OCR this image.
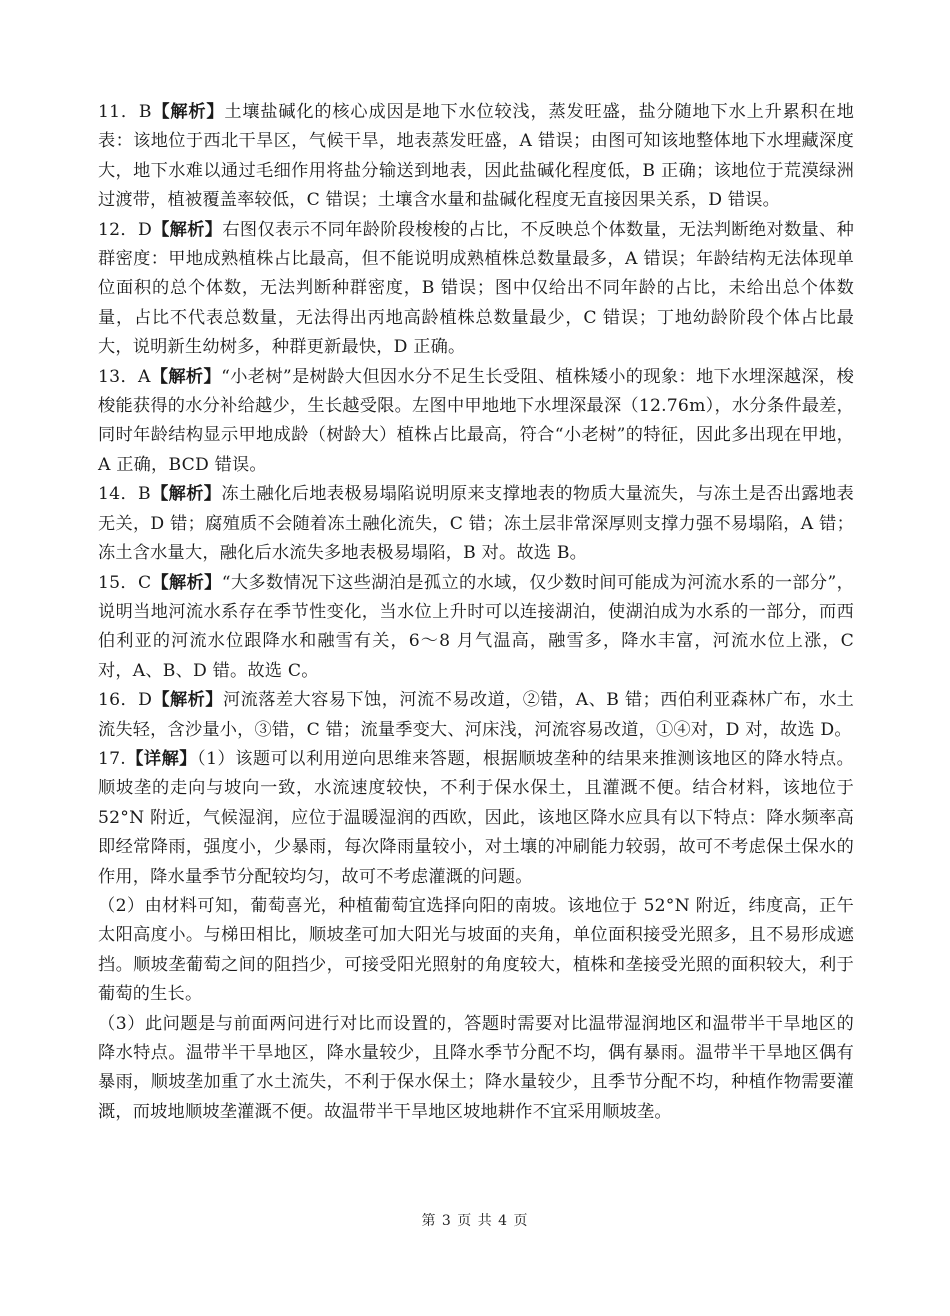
11．B【解析】土壤盐碱化的核心成因是地下水位较浅，蒸发旺盛，盐分随地下水上升累积在地表：该地位于西北干旱区，气候干旱，地表蒸发旺盛，A 错误；由图可知该地整体地下水埋藏深度大，地下水难以通过毛细作用将盐分输送到地表，因此盐碱化程度低，B 正确；该地位于荒漠绿洲过渡带，植被覆盖率较低，C 错误；土壤含水量和盐碱化程度无直接因果关系，D 错误。

12．D【解析】右图仅表示不同年龄阶段梭梭的占比，不反映总个体数量，无法判断绝对数量、种群密度：甲地成熟植株占比最高，但不能说明成熟植株总数量最多，A 错误；年龄结构无法体现单位面积的总个体数，无法判断种群密度，B 错误；图中仅给出不同年龄的占比，未给出总个体数量，占比不代表总数量，无法得出丙地高龄植株总数量最少，C 错误；丁地幼龄阶段个体占比最大，说明新生幼树多，种群更新最快，D 正确。

13．A【解析】“小老树”是树龄大但因水分不足生长受阻、植株矮小的现象：地下水埋深越深，梭梭能获得的水分补给越少，生长越受限。左图中甲地地下水埋深最深（12.76m），水分条件最差，同时年龄结构显示甲地成龄（树龄大）植株占比最高，符合“小老树”的特征，因此多出现在甲地，A 正确，BCD 错误。

14．B【解析】冻土融化后地表极易塌陷说明原来支撑地表的物质大量流失，与冻土是否出露地表无关，D 错；腐殖质不会随着冻土融化流失，C 错；冻土层非常深厚则支撑力强不易塌陷，A 错；冻土含水量大，融化后水流失多地表极易塌陷，B 对。故选 B。

15．C【解析】“大多数情况下这些湖泊是孤立的水域，仅少数时间可能成为河流水系的一部分”，说明当地河流水系存在季节性变化，当水位上升时可以连接湖泊，使湖泊成为水系的一部分，而西伯利亚的河流水位跟降水和融雪有关，6～8 月气温高，融雪多，降水丰富，河流水位上涨，C 对，A、B、D 错。故选 C。

16．D【解析】河流落差大容易下蚀，河流不易改道，②错，A、B 错；西伯利亚森林广布，水土流失轻，含沙量小，③错，C 错；流量季变大、河床浅，河流容易改道，①④对，D 对，故选 D。

17.【详解】（1）该题可以利用逆向思维来答题，根据顺坡垄种的结果来推测该地区的降水特点。顺坡垄的走向与坡向一致，水流速度较快，不利于保水保土，且灌溉不便。结合材料，该地位于 52°N 附近，气候湿润，应位于温暖湿润的西欧，因此，该地区降水应具有以下特点：降水频率高即经常降雨，强度小，少暴雨，每次降雨量较小，对土壤的冲刷能力较弱，故可不考虑保土保水的作用，降水量季节分配较均匀，故可不考虑灌溉的问题。

（2）由材料可知，葡萄喜光，种植葡萄宜选择向阳的南坡。该地位于 52°N 附近，纬度高，正午太阳高度小。与梯田相比，顺坡垄可加大阳光与坡面的夹角，单位面积接受光照多，且不易形成遮挡。顺坡垄葡萄之间的阻挡少，可接受阳光照射的角度较大，植株和垄接受光照的面积较大，利于葡萄的生长。

（3）此问题是与前面两问进行对比而设置的，答题时需要对比温带湿润地区和温带半干旱地区的降水特点。温带半干旱地区，降水量较少，且降水季节分配不均，偶有暴雨。温带半干旱地区偶有暴雨，顺坡垄加重了水土流失，不利于保水保土；降水量较少，且季节分配不均，种植作物需要灌溉，而坡地顺坡垄灌溉不便。故温带半干旱地区坡地耕作不宜采用顺坡垄。

第 3 页 共 4 页
